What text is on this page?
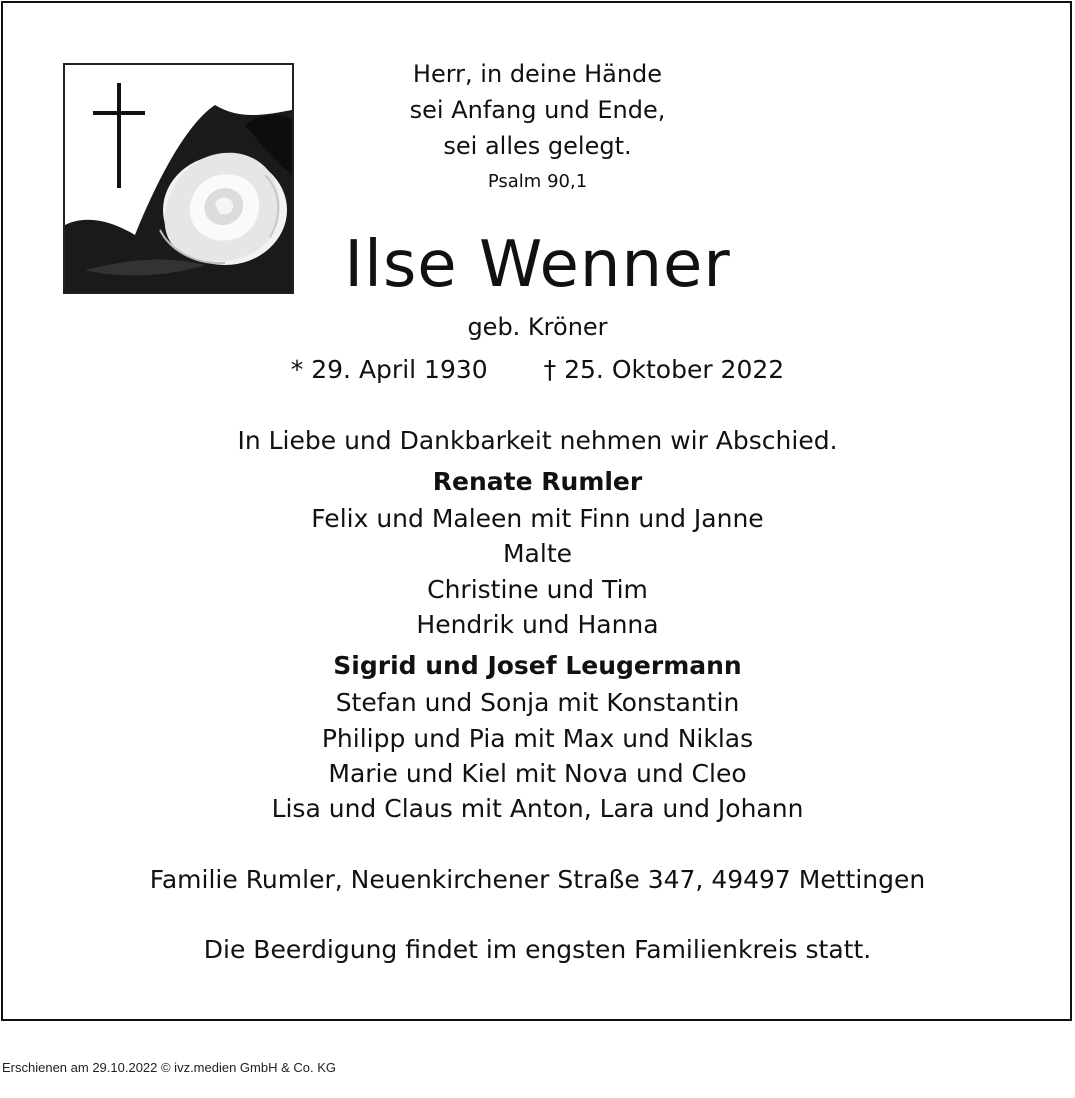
Herr, in deine Hände
sei Anfang und Ende,
sei alles gelegt.
Psalm 90,1
Ilse Wenner
geb. Kröner
* 29. April 1930 † 25. Oktober 2022
In Liebe und Dankbarkeit nehmen wir Abschied.
Renate Rumler
Felix und Maleen mit Finn und Janne
Malte
Christine und Tim
Hendrik und Hanna
Sigrid und Josef Leugermann
Stefan und Sonja mit Konstantin
Philipp und Pia mit Max und Niklas
Marie und Kiel mit Nova und Cleo
Lisa und Claus mit Anton, Lara und Johann
Familie Rumler, Neuenkirchener Straße 347, 49497 Mettingen
Die Beerdigung findet im engsten Familienkreis statt.
Erschienen am 29.10.2022 © ivz.medien GmbH & Co. KG
